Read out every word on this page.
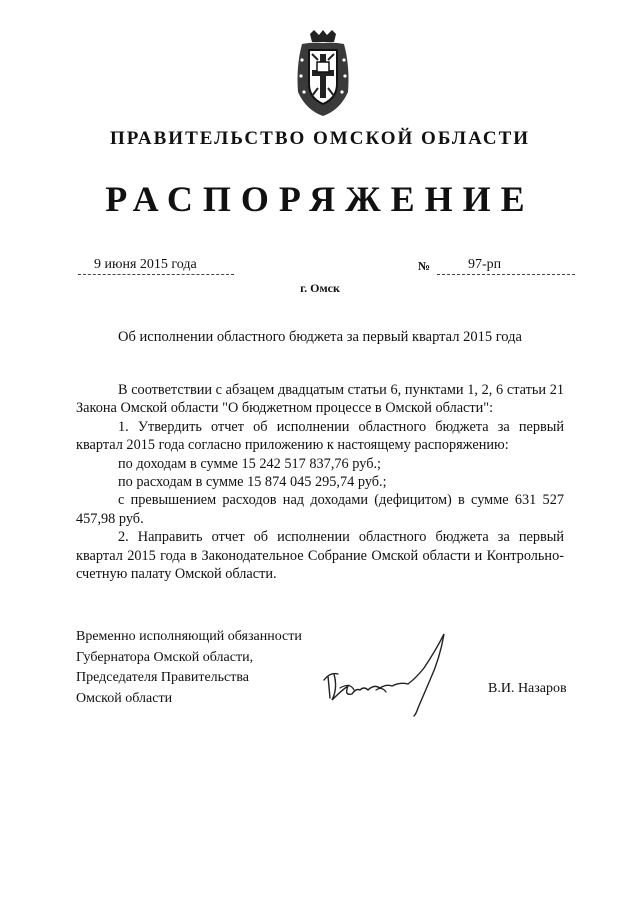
ПРАВИТЕЛЬСТВО ОМСКОЙ ОБЛАСТИ
РАСПОРЯЖЕНИЕ
9 июня 2015 года	№	97-рп
г. Омск
Об исполнении областного бюджета за первый квартал 2015 года

В соответствии с абзацем двадцатым статьи 6, пунктами 1, 2, 6 статьи 21 Закона Омской области "О бюджетном процессе в Омской области":

1. Утвердить отчет об исполнении областного бюджета за первый квартал 2015 года согласно приложению к настоящему распоряжению:

по доходам в сумме 15 242 517 837,76 руб.;

по расходам в сумме 15 874 045 295,74 руб.;

с превышением расходов над доходами (дефицитом) в сумме 631 527 457,98 руб.

2. Направить отчет об исполнении областного бюджета за первый квартал 2015 года в Законодательное Собрание Омской области и Контрольно-счетную палату Омской области.

Временно исполняющий обязанности
Губернатора Омской области,
Председателя Правительства
Омской области
В.И. Назаров
